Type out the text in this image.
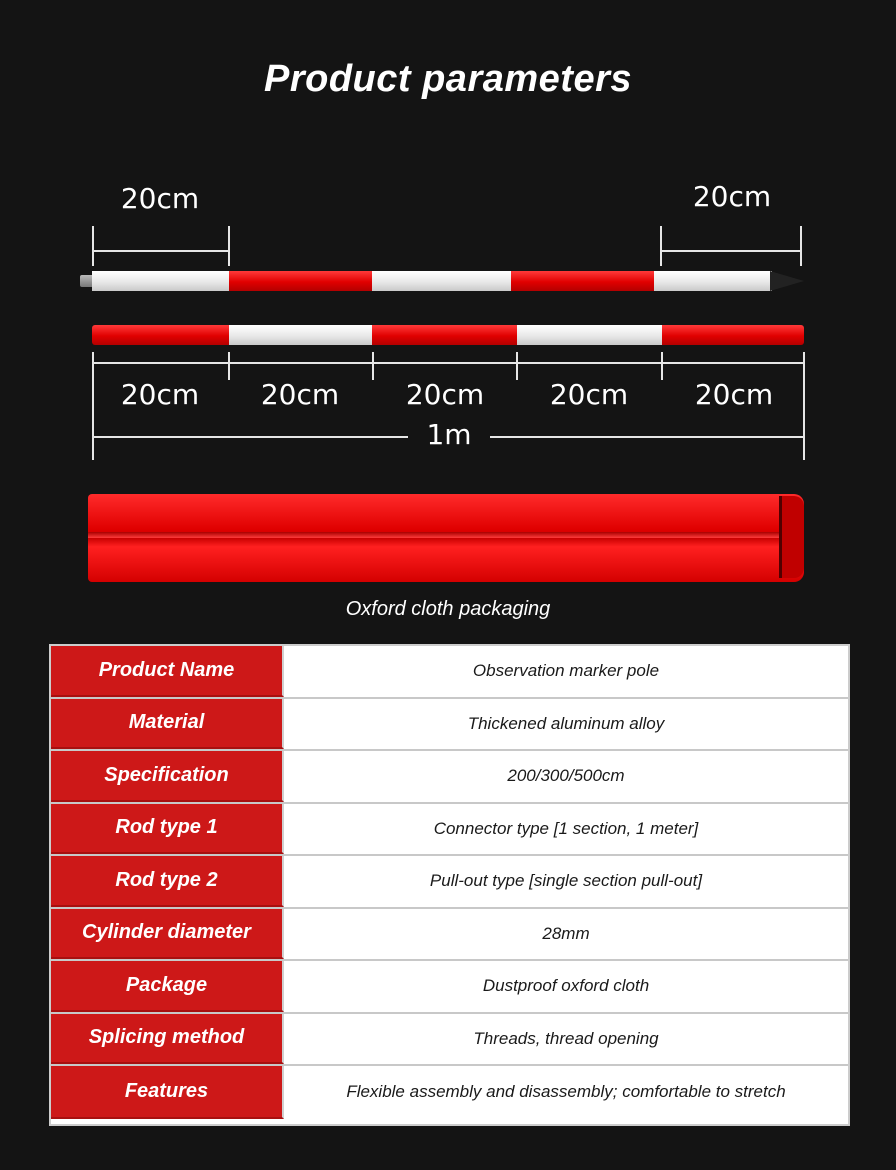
Product parameters
20cm	20cm
20cm	20cm	20cm	20cm	20cm
1m
Oxford cloth packaging
Product Name	Observation marker pole
Material	Thickened aluminum alloy
Specification	200/300/500cm
Rod type 1	Connector type [1 section, 1 meter]
Rod type 2	Pull-out type [single section pull-out]
Cylinder diameter	28mm
Package	Dustproof oxford cloth
Splicing method	Threads, thread opening
Features	Flexible assembly and disassembly; comfortable to stretch
